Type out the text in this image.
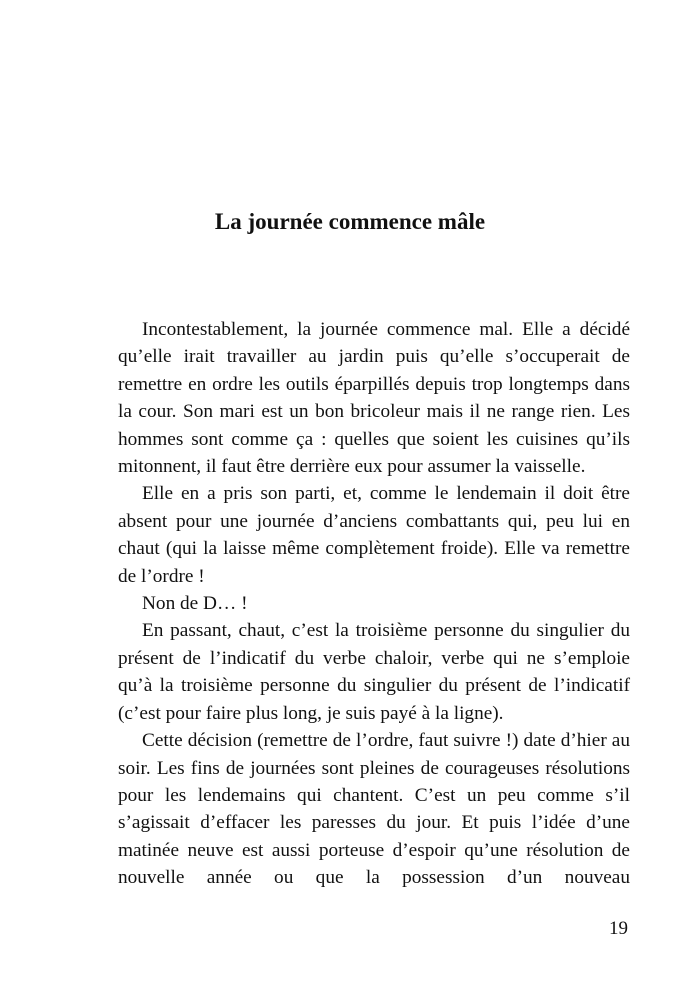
La journée commence mâle

Incontestablement, la journée commence mal. Elle a décidé qu’elle irait travailler au jardin puis qu’elle s’occuperait de remettre en ordre les outils éparpillés depuis trop longtemps dans la cour. Son mari est un bon bricoleur mais il ne range rien. Les hommes sont comme ça : quelles que soient les cuisines qu’ils mitonnent, il faut être derrière eux pour assumer la vaisselle.

Elle en a pris son parti, et, comme le lendemain il doit être absent pour une journée d’anciens combattants qui, peu lui en chaut (qui la laisse même complètement froide). Elle va remettre de l’ordre !

Non de D… !

En passant, chaut, c’est la troisième personne du singulier du présent de l’indicatif du verbe chaloir, verbe qui ne s’emploie qu’à la troisième personne du singulier du présent de l’indicatif (c’est pour faire plus long, je suis payé à la ligne).

Cette décision (remettre de l’ordre, faut suivre !) date d’hier au soir. Les fins de journées sont pleines de courageuses résolutions pour les lendemains qui chantent. C’est un peu comme s’il s’agissait d’effacer les paresses du jour. Et puis l’idée d’une matinée neuve est aussi porteuse d’espoir qu’une résolution de nouvelle année ou que la possession d’un nouveau

19
